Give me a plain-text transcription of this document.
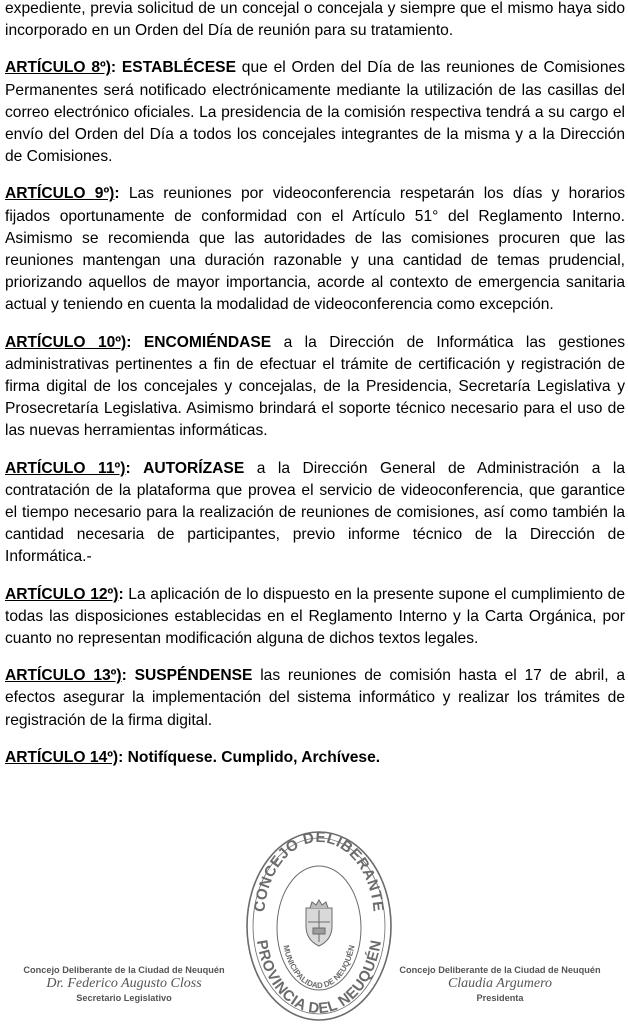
expediente, previa solicitud de un concejal o concejala y siempre que el mismo haya sido incorporado en un Orden del Día de reunión para su tratamiento.

ARTÍCULO 8º): ESTABLÉCESE que el Orden del Día de las reuniones de Comisiones Permanentes será notificado electrónicamente mediante la utilización de las casillas del correo electrónico oficiales. La presidencia de la comisión respectiva tendrá a su cargo el envío del Orden del Día a todos los concejales integrantes de la misma y a la Dirección de Comisiones.

ARTÍCULO 9º): Las reuniones por videoconferencia respetarán los días y horarios fijados oportunamente de conformidad con el Artículo 51° del Reglamento Interno. Asimismo se recomienda que las autoridades de las comisiones procuren que las reuniones mantengan una duración razonable y una cantidad de temas prudencial, priorizando aquellos de mayor importancia, acorde al contexto de emergencia sanitaria actual y teniendo en cuenta la modalidad de videoconferencia como excepción.

ARTÍCULO 10º): ENCOMIÉNDASE a la Dirección de Informática las gestiones administrativas pertinentes a fin de efectuar el trámite de certificación y registración de firma digital de los concejales y concejalas, de la Presidencia, Secretaría Legislativa y Prosecretaría Legislativa. Asimismo brindará el soporte técnico necesario para el uso de las nuevas herramientas informáticas.

ARTÍCULO 11º): AUTORÍZASE a la Dirección General de Administración a la contratación de la plataforma que provea el servicio de videoconferencia, que garantice el tiempo necesario para la realización de reuniones de comisiones, así como también la cantidad necesaria de participantes, previo informe técnico de la Dirección de Informática.-

ARTÍCULO 12º): La aplicación de lo dispuesto en la presente supone el cumplimiento de todas las disposiciones establecidas en el Reglamento Interno y la Carta Orgánica, por cuanto no representan modificación alguna de dichos textos legales.

ARTÍCULO 13º): SUSPÉNDENSE las reuniones de comisión hasta el 17 de abril, a efectos asegurar la implementación del sistema informático y realizar los trámites de registración de la firma digital.

ARTÍCULO 14º): Notifíquese. Cumplido, Archívese.

Concejo Deliberante de la Ciudad de Neuquén
Dr. Federico Augusto Closs
Secretario Legislativo
CONCEJO DELIBERANTE
MUNICIPALIDAD DE NEUQUÉN
PROVINCIA DEL NEUQUÉN
Concejo Deliberante de la Ciudad de Neuquén
Claudia Argumero
Presidenta
